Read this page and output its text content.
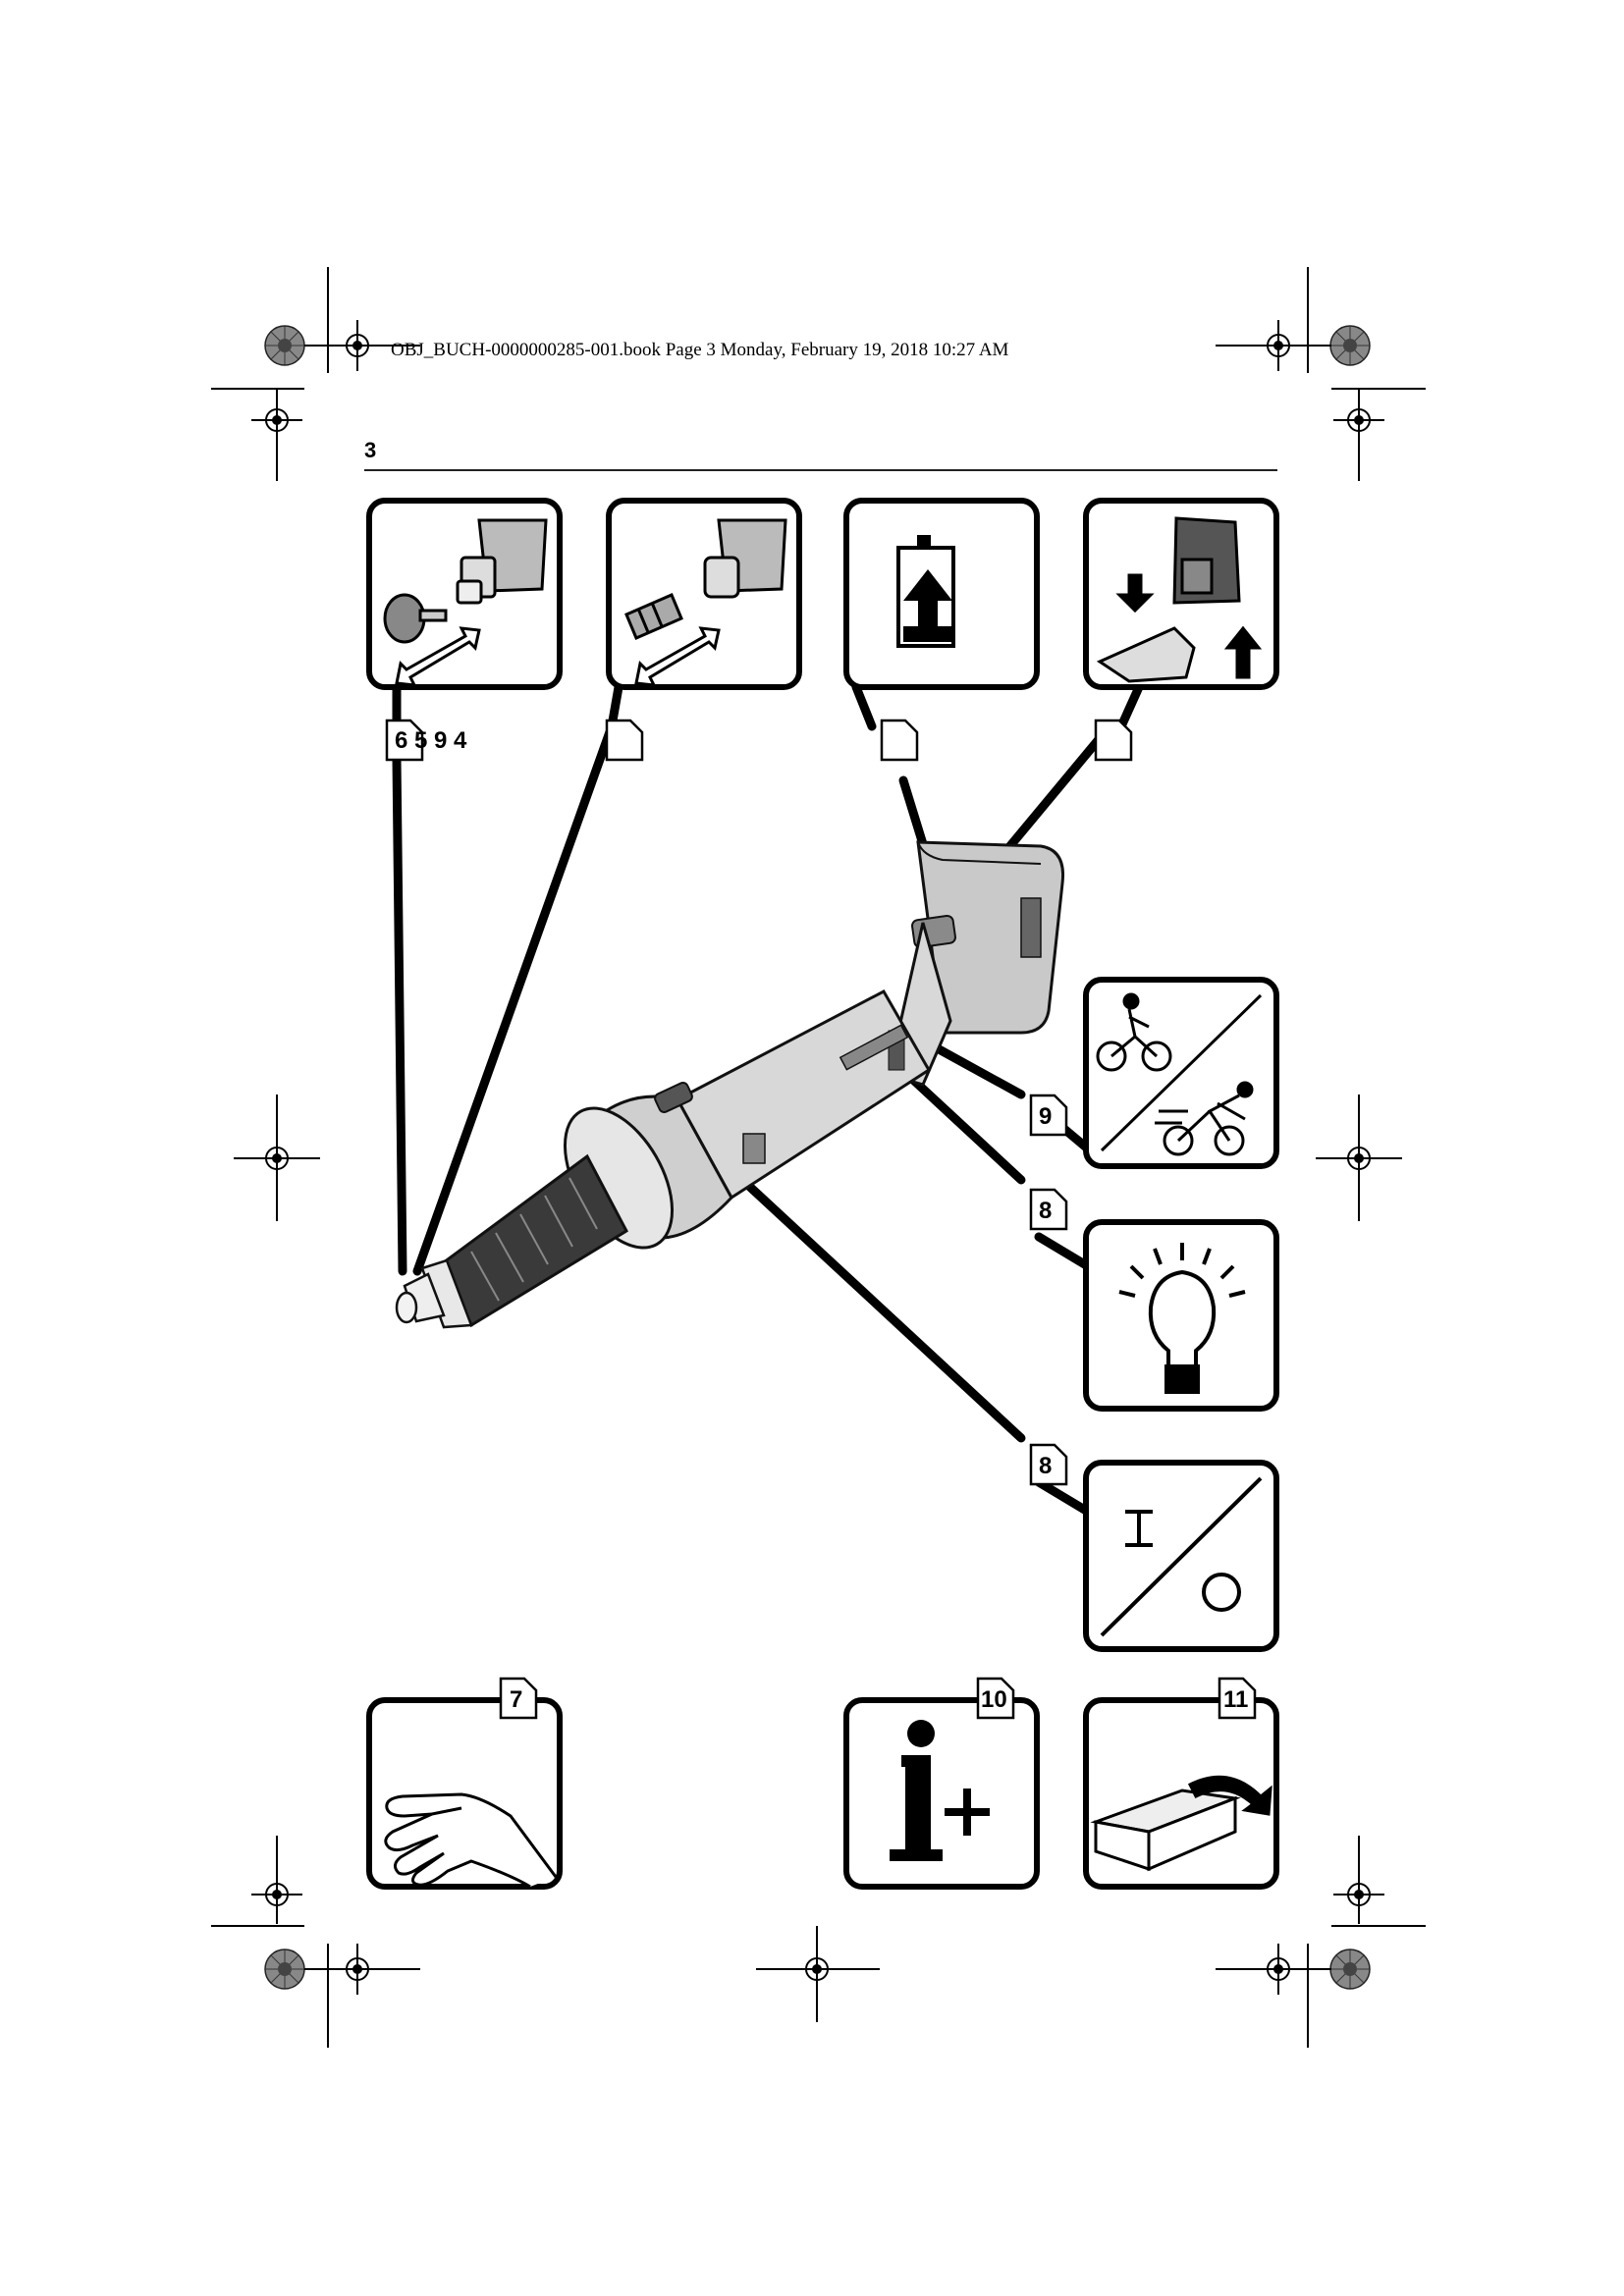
OBJ_BUCH-0000000285-001.book Page 3 Monday, February 19, 2018 10:27 AM
3
6 5 9 4
9
8
8
7	10	11
